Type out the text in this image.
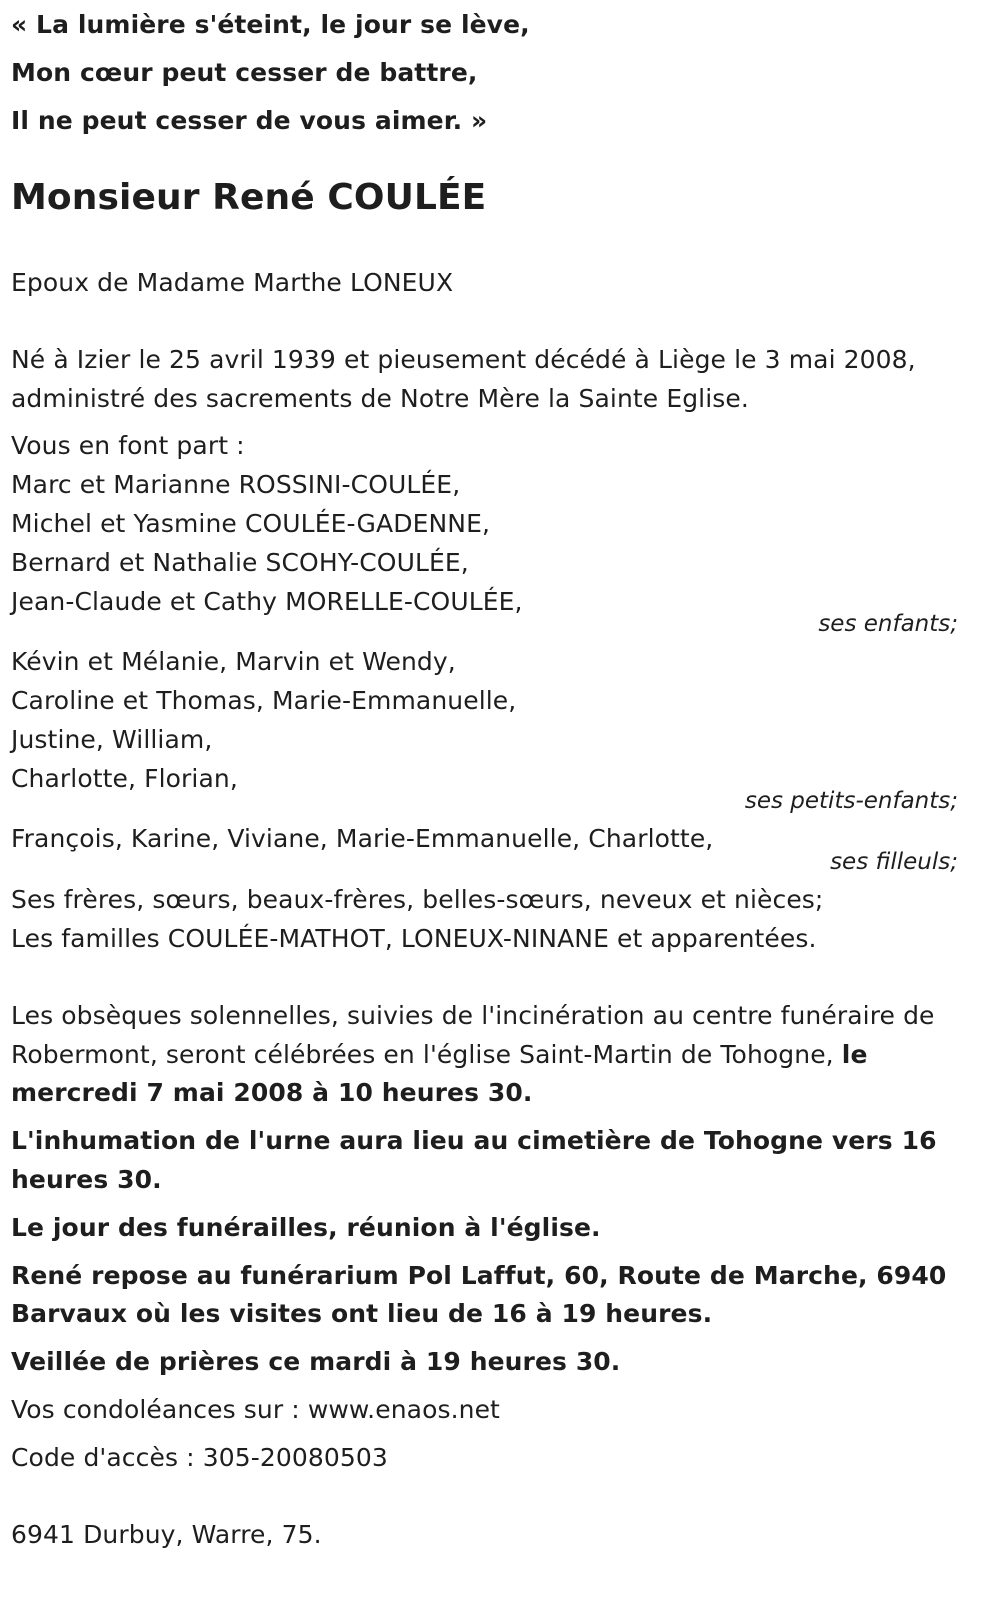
« La lumière s'éteint, le jour se lève,
Mon cœur peut cesser de battre,
Il ne peut cesser de vous aimer. »
Monsieur René COULÉE
Epoux de Madame Marthe LONEUX
Né à Izier le 25 avril 1939 et pieusement décédé à Liège le 3 mai 2008,
administré des sacrements de Notre Mère la Sainte Eglise.
Vous en font part :
Marc et Marianne ROSSINI-COULÉE,
Michel et Yasmine COULÉE-GADENNE,
Bernard et Nathalie SCOHY-COULÉE,
Jean-Claude et Cathy MORELLE-COULÉE,
ses enfants;
Kévin et Mélanie, Marvin et Wendy,
Caroline et Thomas, Marie-Emmanuelle,
Justine, William,
Charlotte, Florian,
ses petits-enfants;
François, Karine, Viviane, Marie-Emmanuelle, Charlotte,
ses filleuls;
Ses frères, sœurs, beaux-frères, belles-sœurs, neveux et nièces;
Les familles COULÉE-MATHOT, LONEUX-NINANE et apparentées.
Les obsèques solennelles, suivies de l'incinération au centre funéraire de
Robermont, seront célébrées en l'église Saint-Martin de Tohogne, le
mercredi 7 mai 2008 à 10 heures 30.
L'inhumation de l'urne aura lieu au cimetière de Tohogne vers 16
heures 30.
Le jour des funérailles, réunion à l'église.
René repose au funérarium Pol Laffut, 60, Route de Marche, 6940
Barvaux où les visites ont lieu de 16 à 19 heures.
Veillée de prières ce mardi à 19 heures 30.
Vos condoléances sur : www.enaos.net
Code d'accès : 305-20080503
6941 Durbuy, Warre, 75.
